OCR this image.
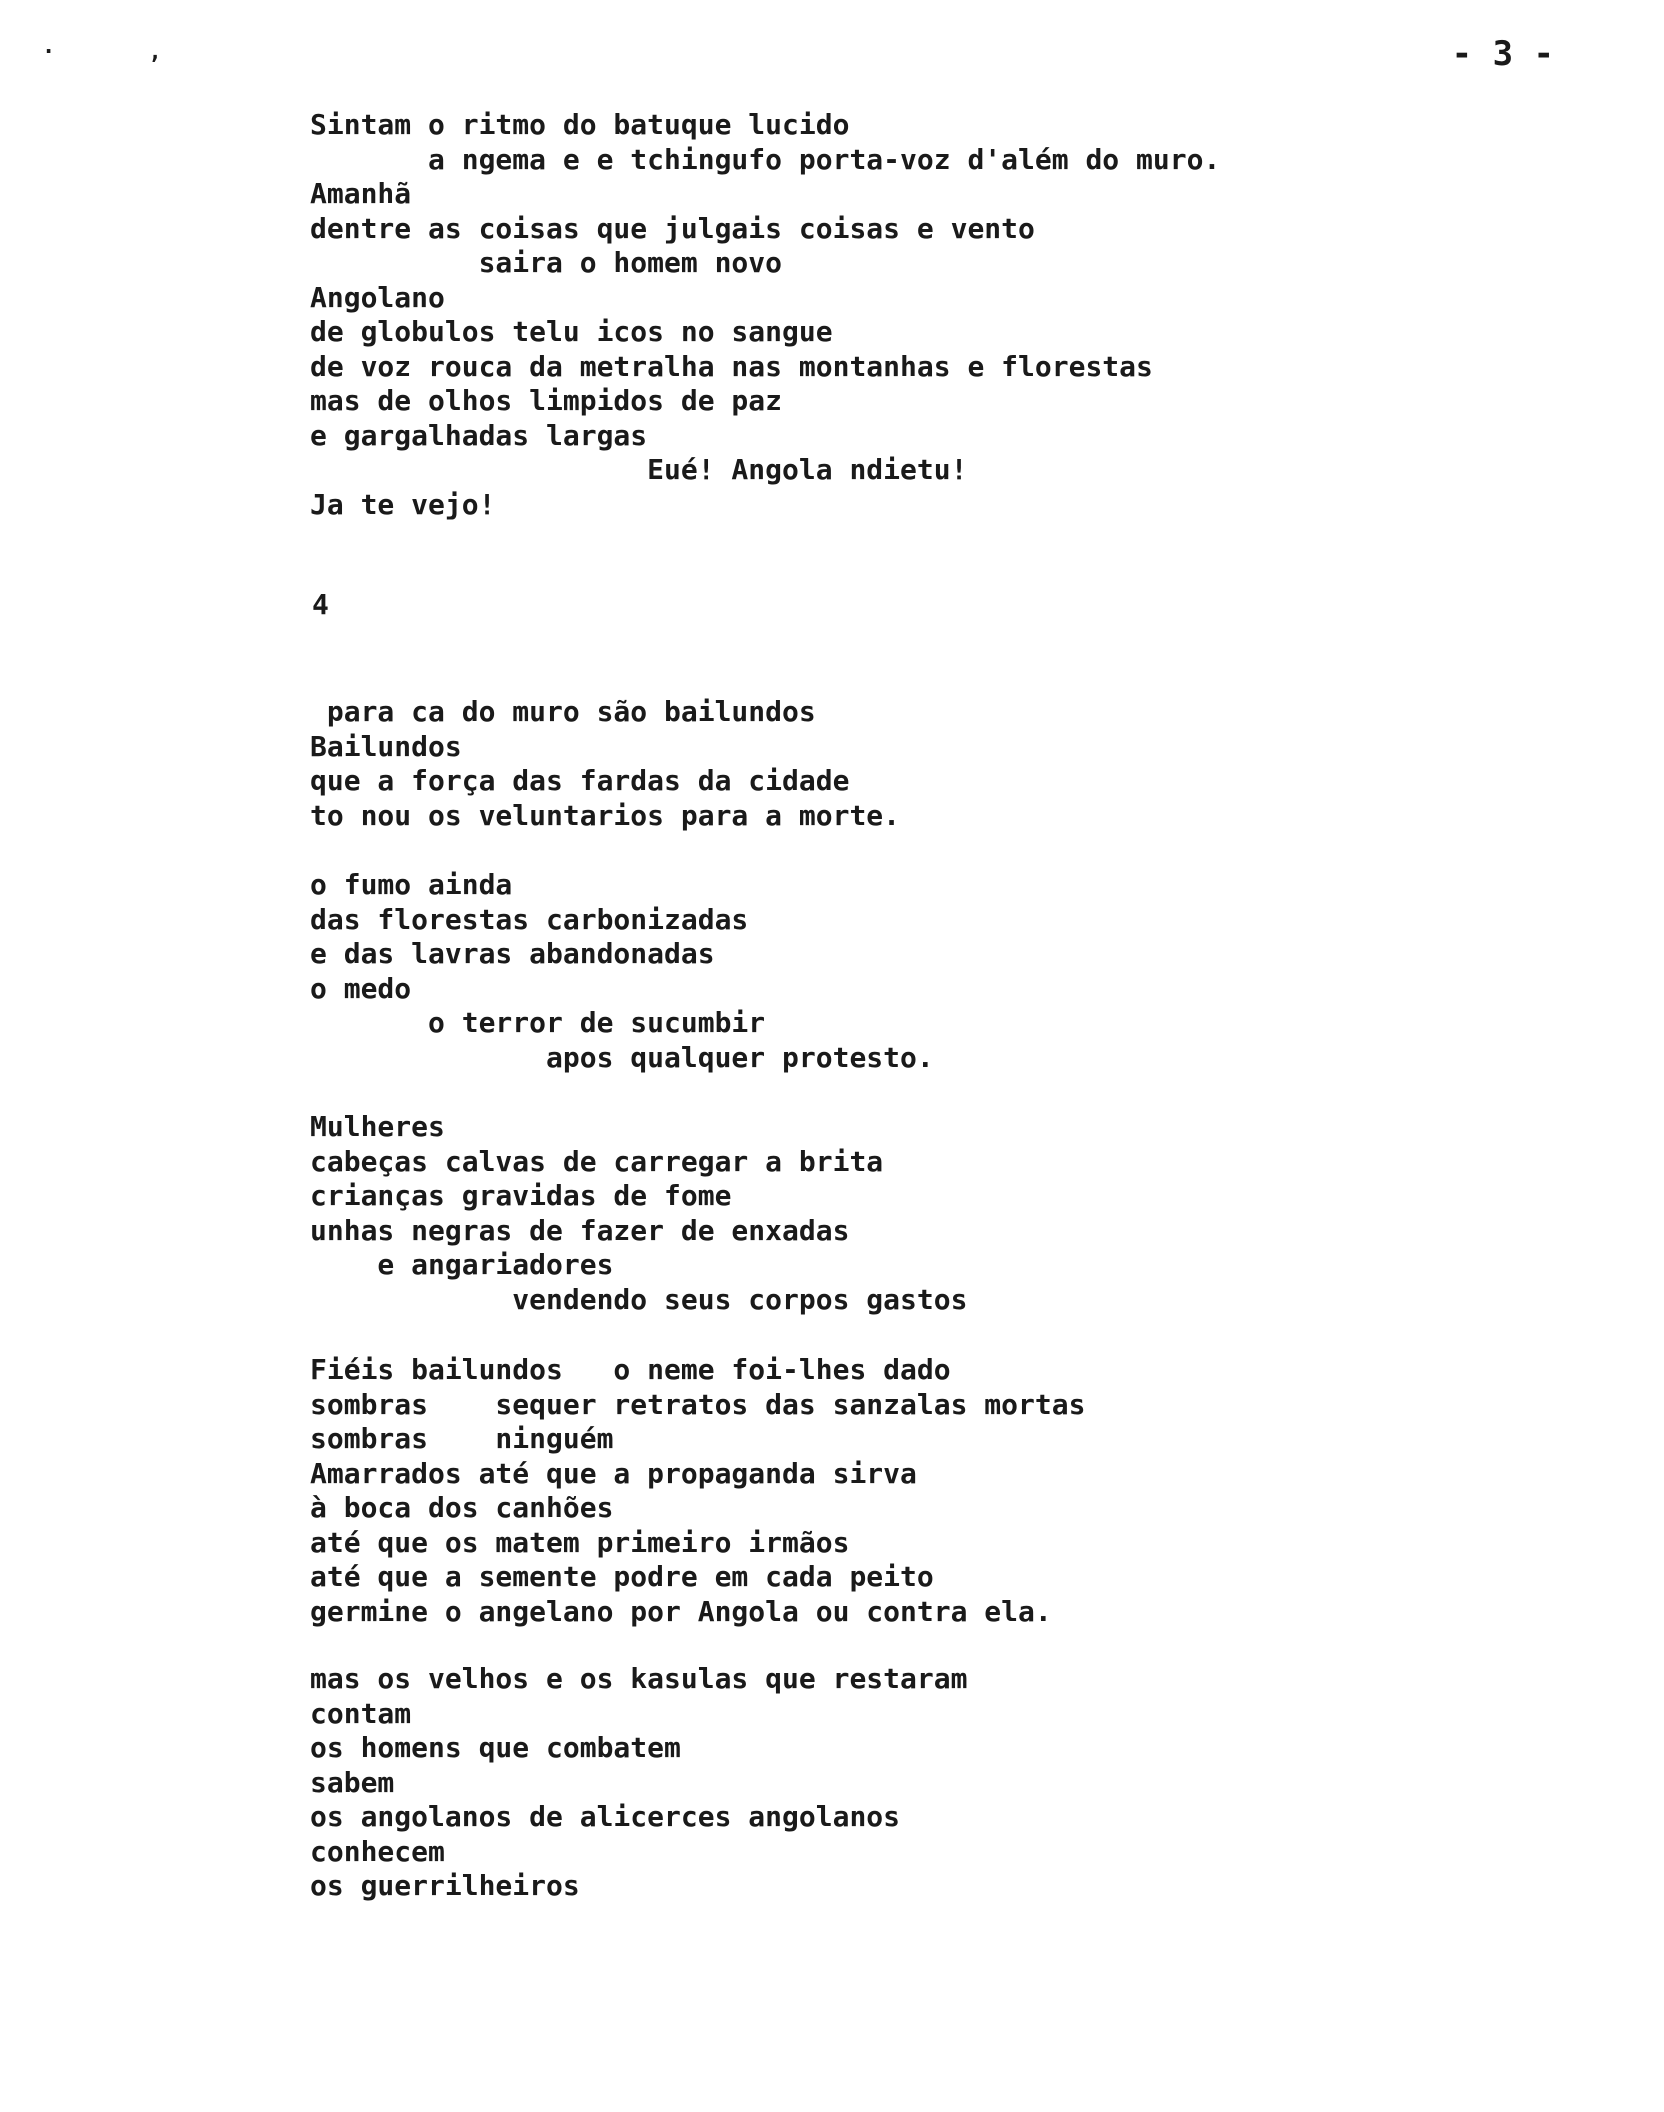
· ,	- 3 -
Sintam o ritmo do batuque lucido
a ngema e e tchingufo porta-voz d'além do muro.
Amanhã
dentre as coisas que julgais coisas e vento
saira o homem novo
Angolano
de globulos telu icos no sangue
de voz rouca da metralha nas montanhas e florestas
mas de olhos limpidos de paz
e gargalhadas largas
Eué! Angola ndietu!
Ja te vejo!
4
para ca do muro são bailundos
Bailundos
que a força das fardas da cidade
to nou os veluntarios para a morte.
o fumo ainda
das florestas carbonizadas
e das lavras abandonadas
o medo
o terror de sucumbir
apos qualquer protesto.
Mulheres
cabeças calvas de carregar a brita
crianças gravidas de fome
unhas negras de fazer de enxadas
e angariadores
vendendo seus corpos gastos
Fiéis bailundos   o neme foi-lhes dado
sombras    sequer retratos das sanzalas mortas
sombras    ninguém
Amarrados até que a propaganda sirva
à boca dos canhões
até que os matem primeiro irmãos
até que a semente podre em cada peito
germine o angelano por Angola ou contra ela.
mas os velhos e os kasulas que restaram
contam
os homens que combatem
sabem
os angolanos de alicerces angolanos
conhecem
os guerrilheiros
